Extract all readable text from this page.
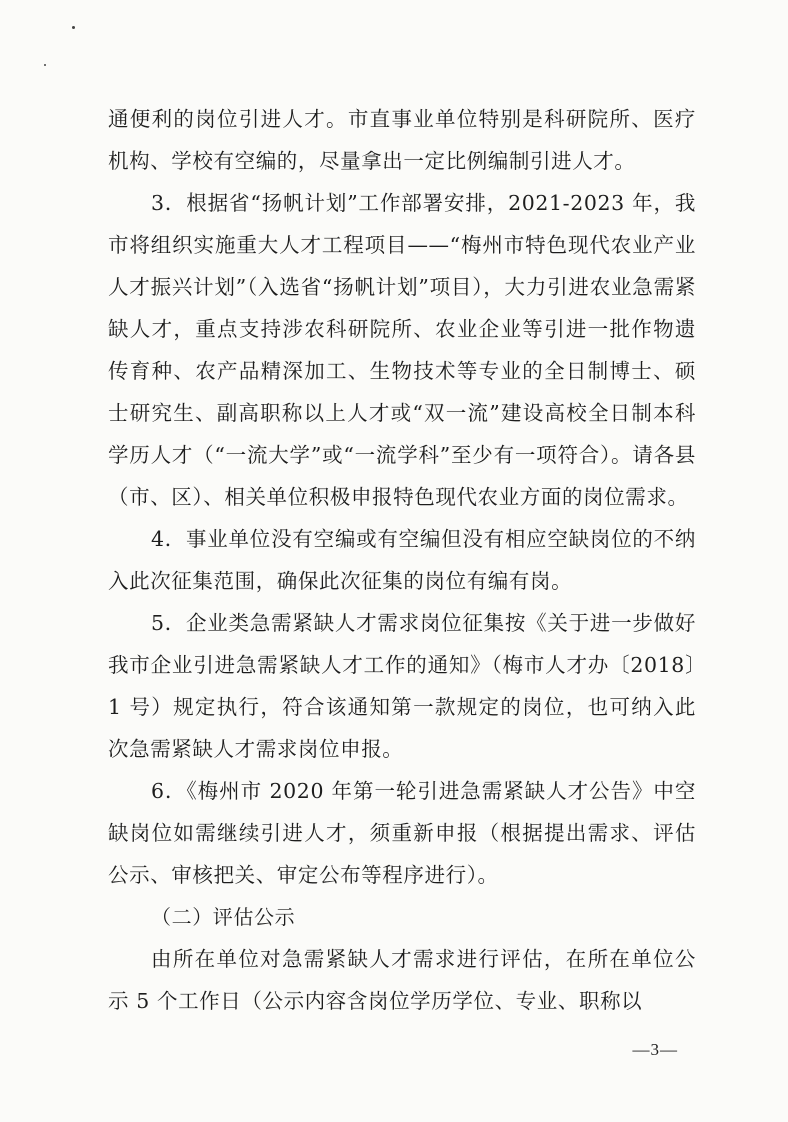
通便利的岗位引进人才。市直事业单位特别是科研院所、医疗机构、学校有空编的，尽量拿出一定比例编制引进人才。

3．根据省“扬帆计划”工作部署安排，2021-2023 年，我市将组织实施重大人才工程项目——“梅州市特色现代农业产业人才振兴计划”（入选省“扬帆计划”项目），大力引进农业急需紧缺人才，重点支持涉农科研院所、农业企业等引进一批作物遗传育种、农产品精深加工、生物技术等专业的全日制博士、硕士研究生、副高职称以上人才或“双一流”建设高校全日制本科学历人才（“一流大学”或“一流学科”至少有一项符合）。请各县（市、区）、相关单位积极申报特色现代农业方面的岗位需求。

4．事业单位没有空编或有空编但没有相应空缺岗位的不纳入此次征集范围，确保此次征集的岗位有编有岗。

5．企业类急需紧缺人才需求岗位征集按《关于进一步做好我市企业引进急需紧缺人才工作的通知》（梅市人才办〔2018〕1 号）规定执行，符合该通知第一款规定的岗位，也可纳入此次急需紧缺人才需求岗位申报。

6．《梅州市 2020 年第一轮引进急需紧缺人才公告》中空缺岗位如需继续引进人才，须重新申报（根据提出需求、评估公示、审核把关、审定公布等程序进行）。

（二）评估公示

由所在单位对急需紧缺人才需求进行评估，在所在单位公示 5 个工作日（公示内容含岗位学历学位、专业、职称以

—3—
